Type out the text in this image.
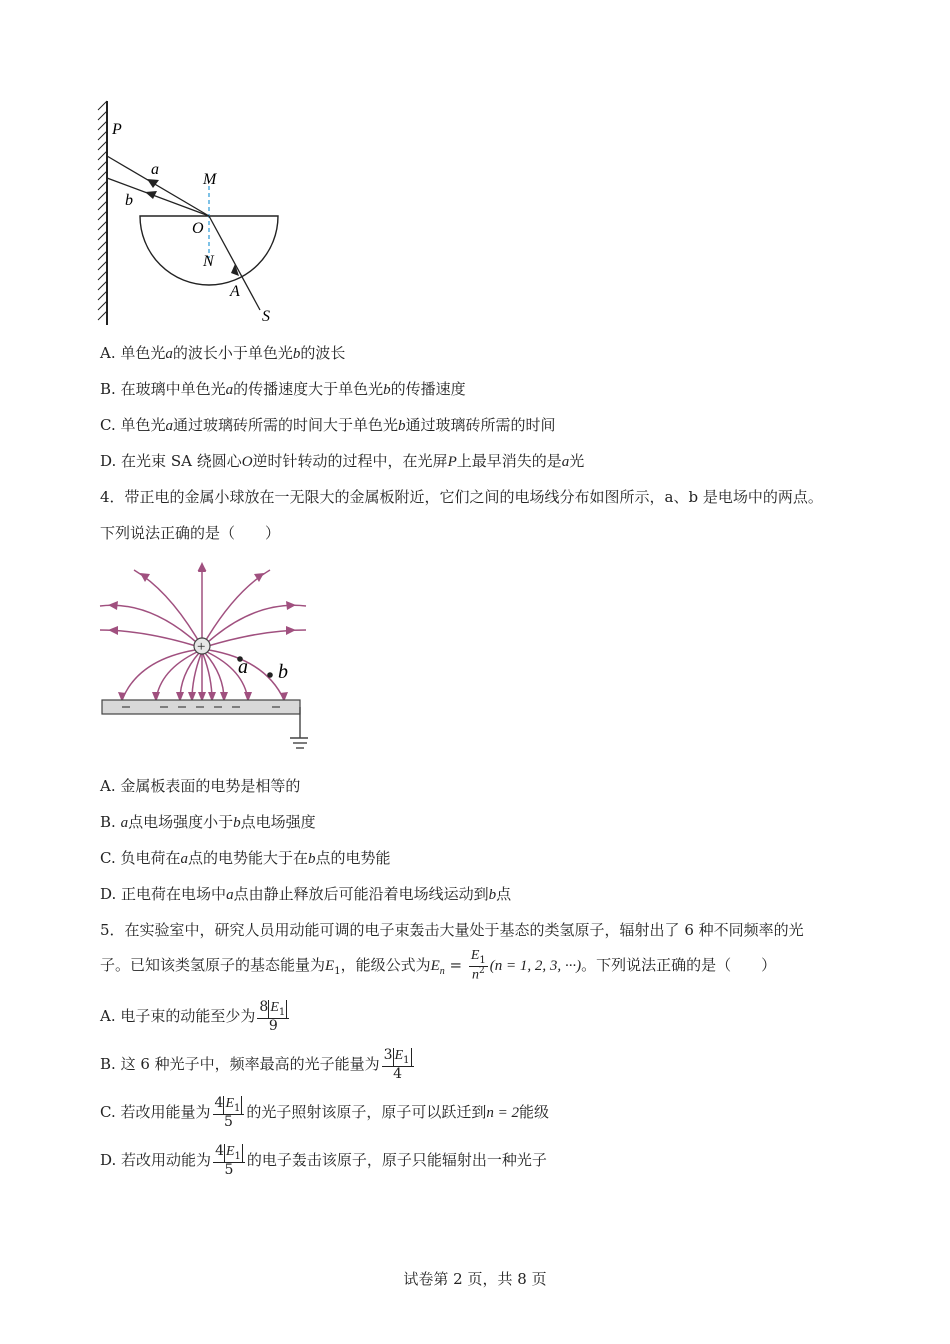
P
a
b
M
O
N
A
S
A. 单色光a的波长小于单色光b的波长
B. 在玻璃中单色光a的传播速度大于单色光b的传播速度
C. 单色光a通过玻璃砖所需的时间大于单色光b通过玻璃砖所需的时间
D. 在光束 SA 绕圆心O逆时针转动的过程中，在光屏P上最早消失的是a光
4．带正电的金属小球放在一无限大的金属板附近，它们之间的电场线分布如图所示，a、b 是电场中的两点。
下列说法正确的是（　　）
+
a b
A. 金属板表面的电势是相等的
B. a点电场强度小于b点电场强度
C. 负电荷在a点的电势能大于在b点的电势能
D. 正电荷在电场中a点由静止释放后可能沿着电场线运动到b点
5．在实验室中，研究人员用动能可调的电子束轰击大量处于基态的类氢原子，辐射出了 6 种不同频率的光
子。已知该类氢原子的基态能量为$E_1$，能级公式为$E_n = \frac{E_1}{n^2} (n = 1$, 2, 3, ···)。下列说法正确的是（　　）
A. 电子束的动能至少为 $\frac{8 E_1}{9}$
B. 这 6 种光子中，频率最高的光子能量为 $\frac{3 E_1}{4}$
C. 若改用能量为 $\frac{4 E_1}{5}$ 的光子照射该原子，原子可以跃迁到n = 2能级
D. 若改用动能为 $\frac{4 E_1}{5}$ 的电子轰击该原子，原子只能辐射出一种光子
试卷第 2 页，共 8 页
